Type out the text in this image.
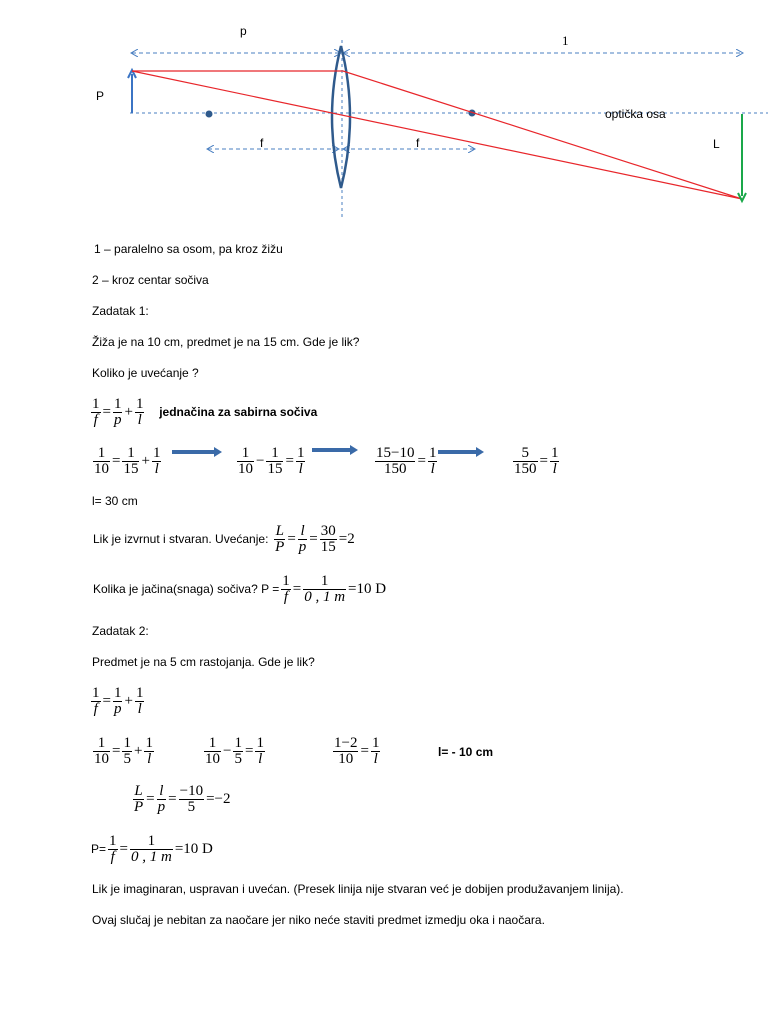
p
1
P
f	f
optička osa
L
1 – paralelno sa osom, pa kroz žižu
2 – kroz centar sočiva
Zadatak 1:
Žiža je na 10 cm, predmet je na 15 cm. Gde je lik?
Koliko je uvećanje ?
$\frac{1}{f} = \frac{1}{p} + \frac{1}{l}$ jednačina za sabirna sočiva
$\frac{1}{10} = \frac{1}{15} + \frac{1}{l}$	$\frac{1}{10} - \frac{1}{15} = \frac{1}{l}$	$\frac{15-10}{150} = \frac{1}{l}$	$\frac{5}{150} = \frac{1}{l}$
l= 30 cm
Lik je izvrnut i stvaran. Uvećanje: $\frac{L}{P} = \frac{l}{p} = \frac{30}{15} =2$
Kolika je jačina(snaga) sočiva? $P = \frac{1}{f} = \frac{1}{0 , 1 m} =10$ D
Zadatak 2:
Predmet je na 5 cm rastojanja. Gde je lik?
$\frac{1}{f} = \frac{1}{p} + \frac{1}{l}$
$\frac{1}{10} = \frac{1}{5} + \frac{1}{l}$	$\frac{1}{10} - \frac{1}{5} = \frac{1}{l}$	$\frac{1-2}{10} = \frac{1}{l}$	l= - 10 cm
$\frac{L}{P} = \frac{l}{p} = \frac{-10}{5} =-2$
$P= \frac{1}{f} = \frac{1}{0 , 1 m} =10$ D
Lik je imaginaran, uspravan i uvećan. (Presek linija nije stvaran već je dobijen produžavanjem linija).
Ovaj slučaj je nebitan za naočare jer niko neće staviti predmet izmedju oka i naočara.
